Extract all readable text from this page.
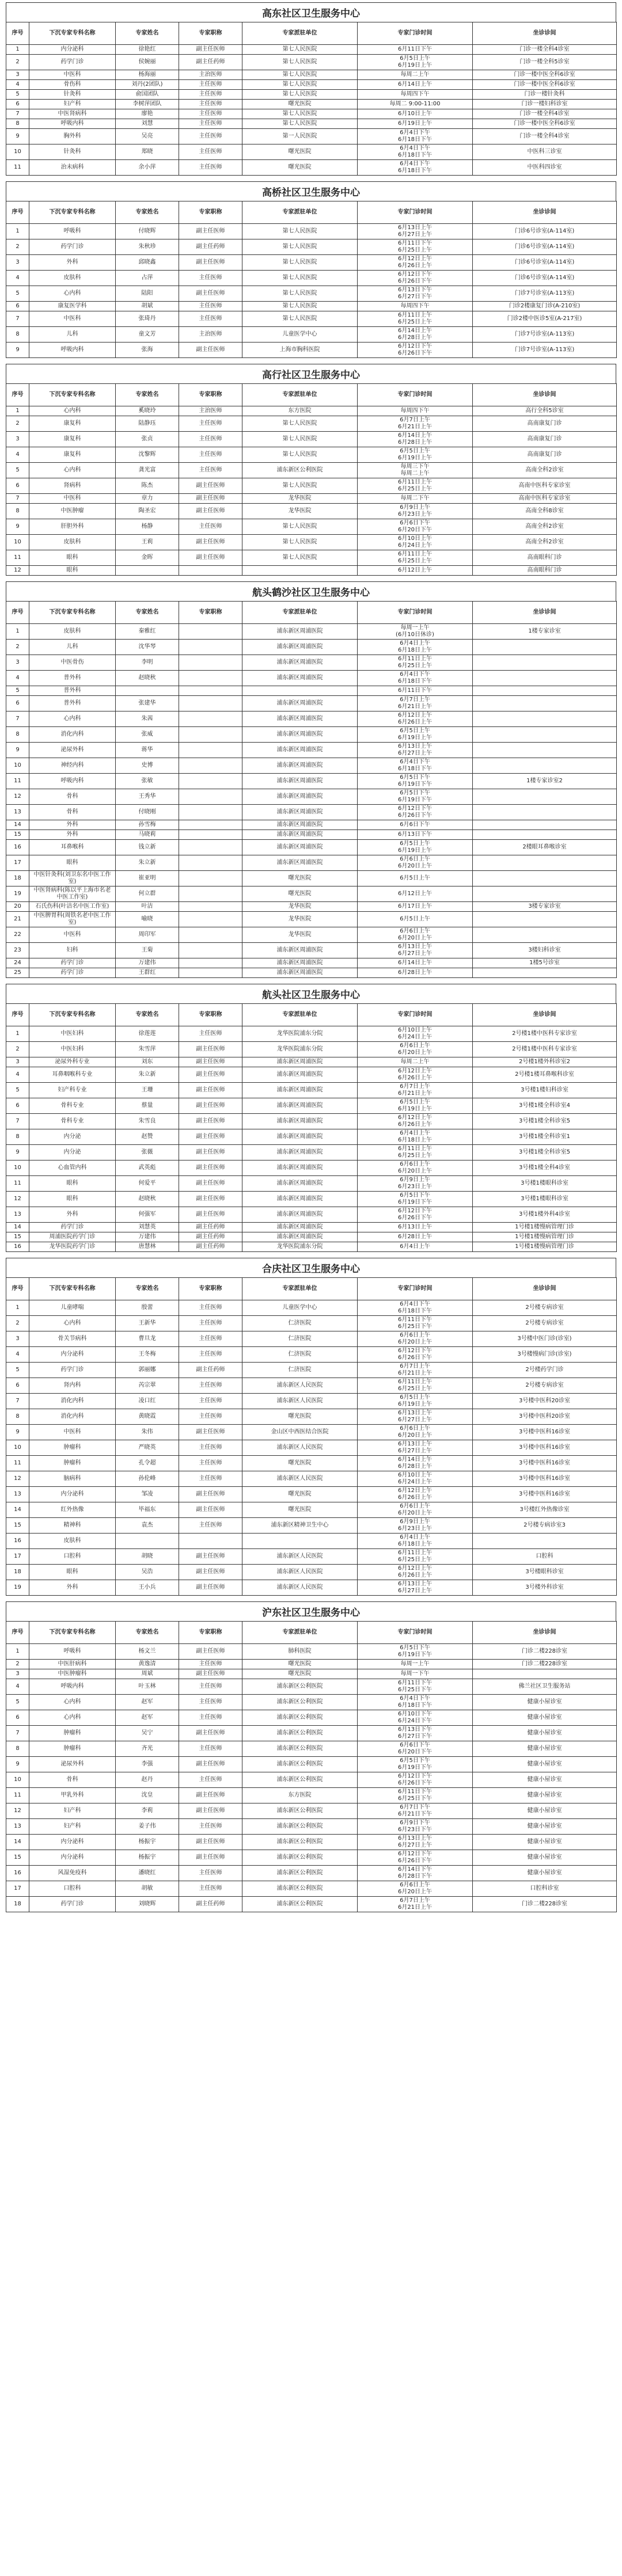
高东社区卫生服务中心
序号	下沉专家专科名称	专家姓名	专家职称	专家派驻单位	专家门诊时间	坐诊诊间
1	内分泌科	徐艳红	副主任医师	第七人民医院	6月11日下午	门诊一楼全科4诊室
2	药学门诊	侯婉丽	副主任药师	第七人民医院	6月5日上午
6月19日上午	门诊一楼全科5诊室
3	中医科	杨海丽	主治医师	第七人民医院	每周二上午	门诊一楼中医全科6诊室
4	骨伤科	刘丹(2团队)	主任医师	第七人民医院	6月14日上午	门诊一楼中医全科6诊室
5	针灸科	俞国团队	主任医师	第七人民医院	每周四下午	门诊一楼针灸科
6	妇产科	李树萍团队	主任医师	曙光医院	每周二 9:00-11:00	门诊一楼妇科诊室
7	中医肾病科	廖艳	主任医师	第七人民医院	6月10日上午	门诊一楼全科4诊室
8	呼吸内科	刘慧	主任医师	第七人民医院	6月19日上午	门诊一楼中医全科6诊室
9	胸外科	吴亮	主任医师	第一人民医院	6月4日下午
6月18日下午	门诊一楼全科4诊室
10	针灸科	郑晓	主任医师	曙光医院	6月4日下午
6月18日下午	中医科三诊室
11	治未病科	余小萍	主任医师	曙光医院	6月4日下午
6月18日下午	中医科四诊室
高桥社区卫生服务中心
序号	下沉专家专科名称	专家姓名	专家职称	专家派驻单位	专家门诊时间	坐诊诊间
1	呼吸科	付晓辉	副主任医师	第七人民医院	6月13日上午
6月27日上午	门诊6号诊室(A-114室)
2	药学门诊	朱秋珍	副主任药师	第七人民医院	6月11日下午
6月25日上午	门诊6号诊室(A-114室)
3	外科	邱晓鑫	副主任医师	第七人民医院	6月12日上午
6月26日上午	门诊6号诊室(A-114室)
4	皮肤科	占萍	主任医师	第七人民医院	6月12日下午
6月26日下午	门诊6号诊室(A-114室)
5	心内科	陆阳	副主任医师	第七人民医院	6月13日下午
6月27日下午	门诊7号诊室(A-113室)
6	康复医学科	胡斌	主任医师	第七人民医院	每周四下午	门诊2楼康复门诊(A-210室)
7	中医科	张琦丹	主任医师	第七人民医院	6月11日上午
6月25日上午	门诊2楼中医诊5室(A-217室)
8	儿科	童文芳	主治医师	儿童医学中心	6月14日上午
6月28日上午	门诊7号诊室(A-113室)
9	呼吸内科	张海	副主任医师	上海市胸科医院	6月12日下午
6月26日下午	门诊7号诊室(A-113室)
高行社区卫生服务中心
序号	下沉专家专科名称	专家姓名	专家职称	专家派驻单位	专家门诊时间	坐诊诊间
1	心内科	奚晓玲	主治医师	东方医院	每周四下午	高行全科5诊室
2	康复科	陆静珏	主任医师	第七人民医院	6月7日上午
6月21日上午	高南康复门诊
3	康复科	张贞	主任医师	第七人民医院	6月14日上午
6月28日上午	高南康复门诊
4	康复科	沈黎辉	主任医师	第七人民医院	6月5日上午
6月19日上午	高南康复门诊
5	心内科	龚光富	主任医师	浦东新区公利医院	每周三下午
每周二上午	高南全科2诊室
6	肾病科	陈杰	副主任医师	第七人民医院	6月11日上午
6月25日上午	高南中医科专家诊室
7	中医科	章力	副主任医师	龙华医院	每周二下午	高南中医科专家诊室
8	中医肿瘤	陶圣宏	副主任医师	龙华医院	6月9日上午
6月23日上午	高南全科8诊室
9	肝胆外科	杨静	主任医师	第七人民医院	6月6日下午
6月20日下午	高南全科2诊室
10	皮肤科	王莉	副主任医师	第七人民医院	6月10日上午
6月24日上午	高南全科2诊室
11	眼科	金晖	副主任医师	第七人民医院	6月11日上午
6月25日上午	高南眼科门诊
12	眼科				6月12日上午	高南眼科门诊
航头鹤沙社区卫生服务中心
序号	下沉专家专科名称	专家姓名	专家职称	专家派驻单位	专家门诊时间	坐诊诊间
1	皮肤科	秦雅红		浦东新区周浦医院	每周一上午
(6月10日休诊)	1楼专家诊室
2	儿科	沈华琴		浦东新区周浦医院	6月4日上午
6月18日上午	

3	中医骨伤	李明		浦东新区周浦医院	6月11日上午
6月25日上午	

4	普外科	赵晓秋		浦东新区周浦医院	6月4日下午
6月18日下午	

5	普外科				6月11日下午	

6	普外科	张建华		浦东新区周浦医院	6月7日上午
6月21日上午	

7	心内科	朱茜		浦东新区周浦医院	6月12日上午
6月26日上午	

8	消化内科	张威		浦东新区周浦医院	6月5日上午
6月19日上午	

9	泌尿外科	蒋华		浦东新区周浦医院	6月13日上午
6月27日上午	

10	神经内科	史博		浦东新区周浦医院	6月4日下午
6月18日下午	

11	呼吸内科	张敏		浦东新区周浦医院	6月5日下午
6月19日下午	1楼专家诊室2
12	骨科	王秀华		浦东新区周浦医院	6月5日下午
6月19日下午	

13	骨科	付晓刚		浦东新区周浦医院	6月12日下午
6月26日下午	

14	外科	孙雪梅		浦东新区周浦医院	6月6日下午	

15	外科	马晓莉		浦东新区周浦医院	6月13日下午	

16	耳鼻喉科	钱立新		浦东新区周浦医院	6月5日上午
6月19日上午	2楼眼耳鼻喉诊室
17	眼科	朱立新		浦东新区周浦医院	6月6日上午
6月20日上午	

18	中医针灸科(刘卫东名中医工作室)	崔亚明		曙光医院	6月5日上午	

19	中医肾病科(陈以平上海市名老中医工作室)	何立群		曙光医院	6月12日上午	

20	石氏伤科(叶洁名中医工作室)	叶洁		龙华医院	6月17日上午	3楼专家诊室
21	中医脾胃科(周铁名老中医工作室)	喻晓		龙华医院	6月5日上午	

22	中医科	周印军		龙华医院	6月6日上午
6月20日上午	

23	妇科	王菊		浦东新区周浦医院	6月13日上午
6月27日上午	3楼妇科诊室
24	药学门诊	万建伟		浦东新区周浦医院	6月14日上午	1楼5号诊室
25	药学门诊	王群红		浦东新区周浦医院	6月28日上午	

航头社区卫生服务中心
序号	下沉专家专科名称	专家姓名	专家职称	专家派驻单位	专家门诊时间	坐诊诊间
1	中医妇科	徐莲莲	主任医师	龙华医院浦东分院	6月10日上午
6月24日上午	2号楼1楼中医科专家诊室
2	中医妇科	朱雪萍	副主任医师	龙华医院浦东分院	6月6日上午
6月20日上午	2号楼1楼中医科专家诊室
3	泌尿外科专业	刘东	副主任医师	浦东新区周浦医院	每周二上午	2号楼1楼外科诊室2
4	耳鼻咽喉科专业	朱立新	副主任医师	浦东新区周浦医院	6月12日上午
6月26日上午	2号楼1楼耳鼻喉科诊室
5	妇产科专业	王珊	副主任医师	浦东新区周浦医院	6月7日上午
6月21日上午	3号楼1楼妇科诊室
6	骨科专业	蔡量	副主任医师	浦东新区周浦医院	6月5日上午
6月19日上午	3号楼1楼全科诊室4
7	骨科专业	朱雪良	副主任医师	浦东新区周浦医院	6月12日上午
6月26日上午	3号楼1楼全科诊室5
8	内分泌	赵赞	副主任医师	浦东新区周浦医院	6月4日上午
6月18日上午	3号楼1楼全科诊室1
9	内分泌	张薇	副主任医师	浦东新区周浦医院	6月11日上午
6月25日上午	3号楼1楼全科诊室5
10	心血管内科	武英彪	副主任医师	浦东新区周浦医院	6月6日上午
6月20日上午	3号楼1楼全科4诊室
11	眼科	何爱平	副主任医师	浦东新区周浦医院	6月9日上午
6月23日上午	3号楼1楼眼科诊室
12	眼科	赵晓秋	副主任医师	浦东新区周浦医院	6月5日下午
6月19日下午	3号楼1楼眼科诊室
13	外科	何强军	副主任医师	浦东新区周浦医院	6月12日下午
6月26日下午	3号楼1楼外科4诊室
14	药学门诊	刘慧英	副主任药师	浦东新区周浦医院	6月13日上午	1号楼1楼慢病管理门诊
15	周浦医院药学门诊	万建伟	副主任药师	浦东新区周浦医院	6月28日上午	1号楼1楼慢病管理门诊
16	龙华医院药学门诊	唐慧林	副主任药师	龙华医院浦东分院	6月4日上午	1号楼1楼慢病管理门诊
合庆社区卫生服务中心
序号	下沉专家专科名称	专家姓名	专家职称	专家派驻单位	专家门诊时间	坐诊诊间
1	儿童哮喘	殷蕾	主任医师	儿童医学中心	6月4日下午
6月18日下午	2号楼专病诊室
2	心内科	王新华	主任医师	仁济医院	6月11日下午
6月25日下午	2号楼专病诊室
3	骨关节病科	曹旦龙	主任医师	仁济医院	6月6日上午
6月20日上午	3号楼中医门诊(诊室)
4	内分泌科	王冬梅	主任医师	仁济医院	6月12日下午
6月26日下午	3号楼慢病门诊(诊室)
5	药学门诊	郭丽娜	副主任药师	仁济医院	6月7日上午
6月21日上午	2号楼药学门诊
6	肾内科	芮宗翠	主任医师	浦东新区人民医院	6月11日上午
6月25日上午	2号楼专病诊室
7	消化内科	凌口红	主任医师	浦东新区人民医院	6月5日上午
6月19日上午	3号楼中医科20诊室
8	消化内科	黄晓霞	主任医师	曙光医院	6月13日上午
6月27日上午	3号楼中医科20诊室
9	中医科	朱伟	副主任医师	金山区中西医结合医院	6月6日上午
6月20日上午	3号楼中医科16诊室
10	肿瘤科	严晓英	主任医师	浦东新区人民医院	6月13日上午
6月27日上午	3号楼中医科16诊室
11	肿瘤科	孔令超	主任医师	曙光医院	6月14日上午
6月28日上午	3号楼中医科16诊室
12	脑病科	孙伦峰	主任医师	浦东新区人民医院	6月10日上午
6月24日上午	3号楼中医科16诊室
13	内分泌科	邹凌	副主任医师	曙光医院	6月12日上午
6月26日上午	3号楼中医科16诊室
14	红外热像	毕福东	副主任医师	曙光医院	6月6日上午
6月20日上午	3号楼红外热像诊室
15	精神科	袁杰	主任医师	浦东新区精神卫生中心	6月9日上午
6月23日上午	2号楼专病诊室3
16	皮肤科				6月4日上午
6月18日上午	

17	口腔科	胡晓	副主任医师	浦东新区人民医院	6月11日上午
6月25日上午	口腔科
18	眼科	吴浩	副主任医师	浦东新区人民医院	6月12日上午
6月26日上午	3号楼眼科诊室
19	外科	王小兵	副主任医师	浦东新区人民医院	6月13日上午
6月27日上午	3号楼外科诊室
沪东社区卫生服务中心
序号	下沉专家专科名称	专家姓名	专家职称	专家派驻单位	专家门诊时间	坐诊诊间
1	呼吸科	杨文兰	副主任医师	肺科医院	6月5日下午
6月19日下午	门诊二楼228诊室
2	中医肝病科	黄逸清	主任医师	曙光医院	每周一上午	门诊二楼228诊室
3	中医肿瘤科	周斌	副主任医师	曙光医院	每周一下午	

4	呼吸内科	叶玉林	主任医师	浦东新区公利医院	6月11日下午
6月25日下午	佛兰社区卫生服务站
5	心内科	赵军	主任医师	浦东新区公利医院	6月4日下午
6月18日下午	健康小屋诊室
6	心内科	赵军	主任医师	浦东新区公利医院	6月10日下午
6月24日下午	健康小屋诊室
7	肿瘤科	吴宁	副主任医师	浦东新区公利医院	6月13日下午
6月27日下午	健康小屋诊室
8	肿瘤科	齐光	主任医师	浦东新区公利医院	6月6日下午
6月20日下午	健康小屋诊室
9	泌尿外科	李强	副主任医师	浦东新区公利医院	6月5日下午
6月19日下午	健康小屋诊室
10	骨科	赵丹	主任医师	浦东新区公利医院	6月12日下午
6月26日下午	健康小屋诊室
11	甲乳外科	沈皇	副主任医师	东方医院	6月11日下午
6月25日下午	健康小屋诊室
12	妇产科	李莉	副主任医师	浦东新区公利医院	6月7日下午
6月21日下午	健康小屋诊室
13	妇产科	姜子伟	主任医师	浦东新区公利医院	6月9日下午
6月23日下午	健康小屋诊室
14	内分泌科	杨振宇	副主任医师	浦东新区公利医院	6月13日上午
6月27日上午	健康小屋诊室
15	内分泌科	杨振宇	副主任医师	浦东新区公利医院	6月12日下午
6月26日下午	健康小屋诊室
16	风湿免疫科	潘晓红	主任医师	浦东新区公利医院	6月14日下午
6月28日下午	健康小屋诊室
17	口腔科	胡敏	主任医师	浦东新区公利医院	6月6日上午
6月20日上午	口腔科诊室
18	药学门诊	刘晓辉	副主任药师	浦东新区公利医院	6月7日上午
6月21日上午	门诊二楼228诊室
